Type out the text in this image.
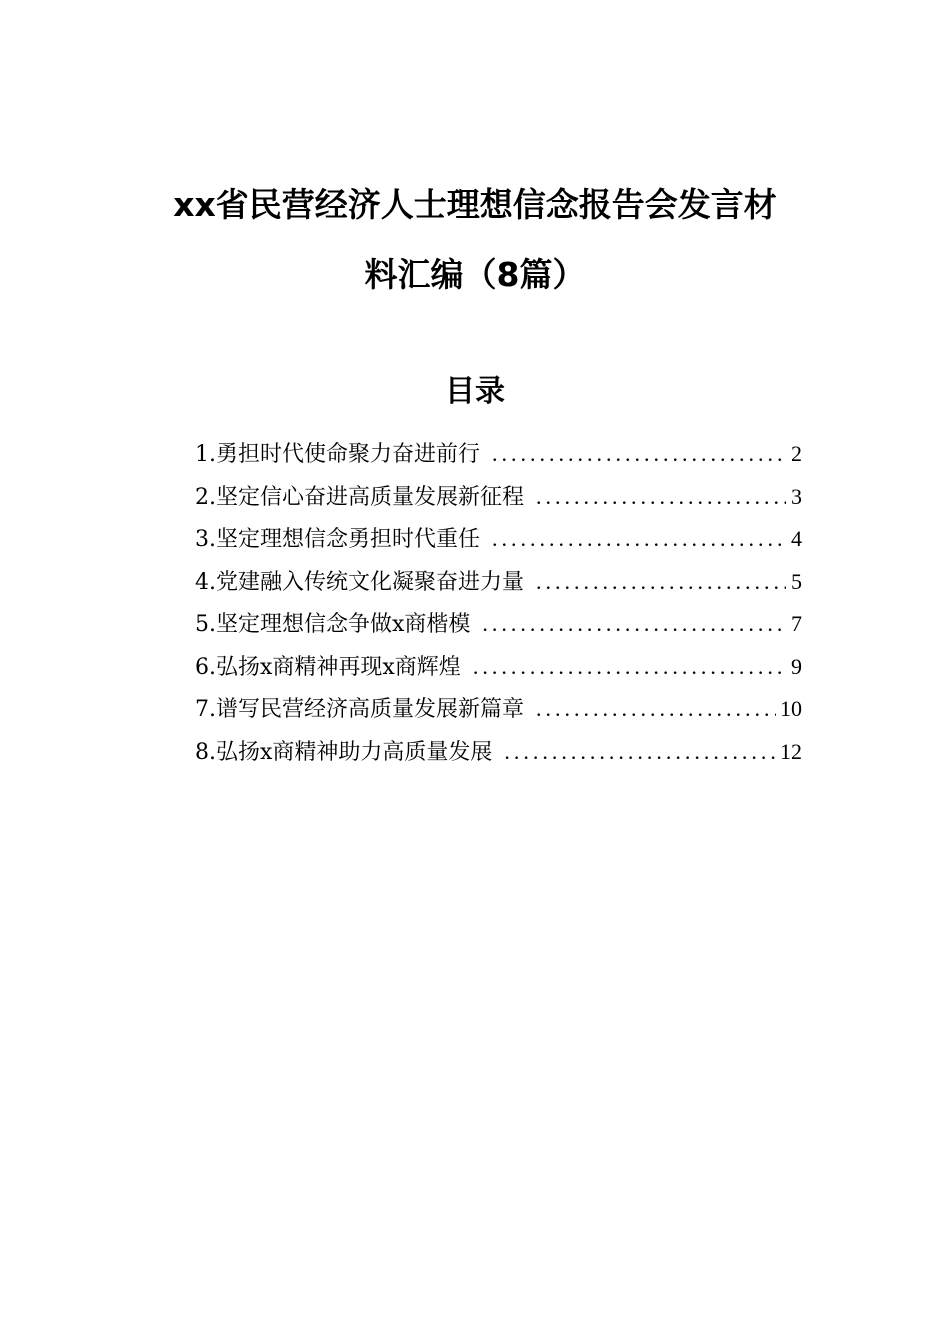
xx省民营经济人士理想信念报告会发言材
料汇编（8篇）
目录
1.勇担时代使命聚力奋进前行 .....	2
2.坚定信心奋进高质量发展新征程 .....	3
3.坚定理想信念勇担时代重任 .....	4
4.党建融入传统文化凝聚奋进力量 .....	5
5.坚定理想信念争做x商楷模 .....	7
6.弘扬x商精神再现x商辉煌 .....	9
7.谱写民营经济高质量发展新篇章 .....	10
8.弘扬x商精神助力高质量发展 .....	12
